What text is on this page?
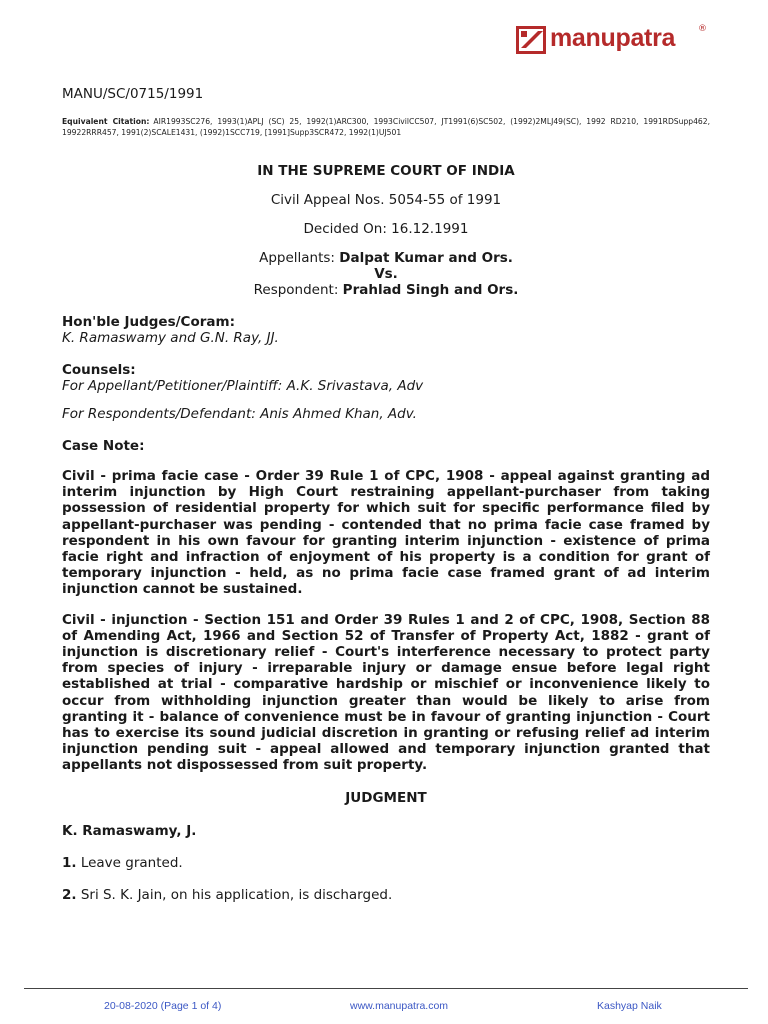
manupatra	®
MANU/SC/0715/1991
Equivalent Citation: AIR1993SC276, 1993(1)APLJ (SC) 25, 1992(1)ARC300, 1993CivilCC507, JT1991(6)SC502, (1992)2MLJ49(SC), 1992 RD210, 1991RDSupp462, 19922RRR457, 1991(2)SCALE1431, (1992)1SCC719, [1991]Supp3SCR472, 1992(1)UJ501
IN THE SUPREME COURT OF INDIA
Civil Appeal Nos. 5054-55 of 1991
Decided On: 16.12.1991
Appellants: Dalpat Kumar and Ors.
Vs.
Respondent: Prahlad Singh and Ors.
Hon'ble Judges/Coram:
K. Ramaswamy and G.N. Ray, JJ.
Counsels:
For Appellant/Petitioner/Plaintiff: A.K. Srivastava, Adv
For Respondents/Defendant: Anis Ahmed Khan, Adv.
Case Note:
Civil - prima facie case - Order 39 Rule 1 of CPC, 1908 - appeal against granting ad interim injunction by High Court restraining appellant-purchaser from taking possession of residential property for which suit for specific performance filed by appellant-purchaser was pending - contended that no prima facie case framed by respondent in his own favour for granting interim injunction - existence of prima facie right and infraction of enjoyment of his property is a condition for grant of temporary injunction - held, as no prima facie case framed grant of ad interim injunction cannot be sustained.
Civil - injunction - Section 151 and Order 39 Rules 1 and 2 of CPC, 1908, Section 88 of Amending Act, 1966 and Section 52 of Transfer of Property Act, 1882 - grant of injunction is discretionary relief - Court's interference necessary to protect party from species of injury - irreparable injury or damage ensue before legal right established at trial - comparative hardship or mischief or inconvenience likely to occur from withholding injunction greater than would be likely to arise from granting it - balance of convenience must be in favour of granting injunction - Court has to exercise its sound judicial discretion in granting or refusing relief ad interim injunction pending suit - appeal allowed and temporary injunction granted that appellants not dispossessed from suit property.
JUDGMENT
K. Ramaswamy, J.
1. Leave granted.
2. Sri S. K. Jain, on his application, is discharged.
20-08-2020 (Page 1 of 4)	www.manupatra.com	Kashyap Naik
